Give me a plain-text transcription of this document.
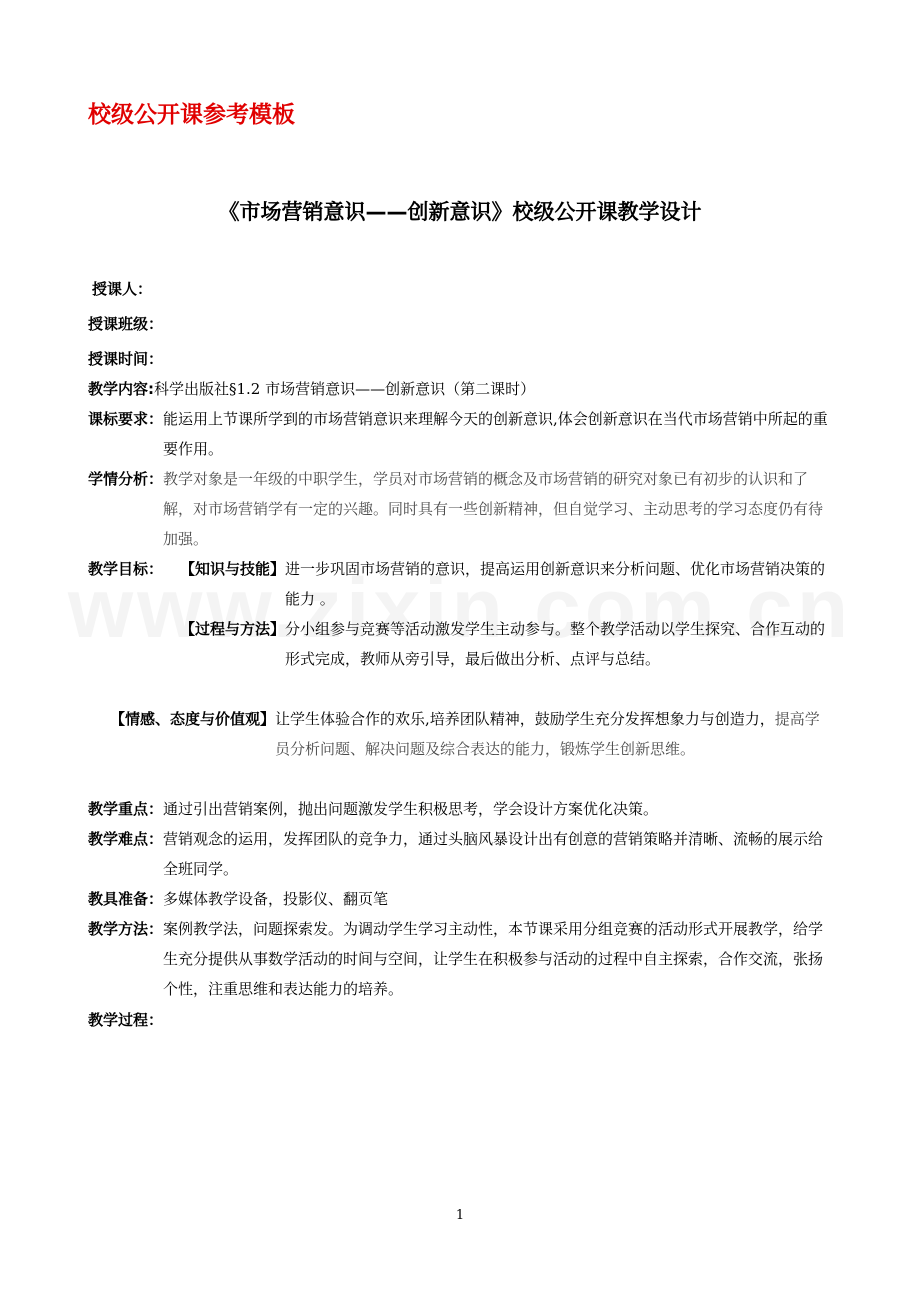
校级公开课参考模板
《市场营销意识——创新意识》校级公开课教学设计
授课人：
授课班级：
授课时间：
教学内容: 科学出版社§1.2 市场营销意识——创新意识（第二课时）
课标要求： 能运用上节课所学到的市场营销意识来理解今天的创新意识,体会创新意识在当代市场营销中所起的重要作用。
学情分析： 教学对象是一年级的中职学生，学员对市场营销的概念及市场营销的研究对象已有初步的认识和了解，对市场营销学有一定的兴趣。同时具有一些创新精神，但自觉学习、主动思考的学习态度仍有待加强。
教学目标： 【知识与技能】 进一步巩固市场营销的意识，提高运用创新意识来分析问题、优化市场营销决策的能力 。
【过程与方法】 分小组参与竞赛等活动激发学生主动参与。整个教学活动以学生探究、合作互动的形式完成，教师从旁引导，最后做出分析、点评与总结。
【情感、态度与价值观】 让学生体验合作的欢乐,培养团队精神，鼓励学生充分发挥想象力与创造力，提高学员分析问题、解决问题及综合表达的能力，锻炼学生创新思维。
教学重点： 通过引出营销案例，抛出问题激发学生积极思考，学会设计方案优化决策。
教学难点： 营销观念的运用，发挥团队的竞争力，通过头脑风暴设计出有创意的营销策略并清晰、流畅的展示给全班同学。
教具准备： 多媒体教学设备，投影仪、翻页笔
教学方法： 案例教学法，问题探索发。为调动学生学习主动性，本节课采用分组竞赛的活动形式开展教学，给学生充分提供从事数学活动的时间与空间，让学生在积极参与活动的过程中自主探索，合作交流，张扬个性，注重思维和表达能力的培养。
教学过程：
1
